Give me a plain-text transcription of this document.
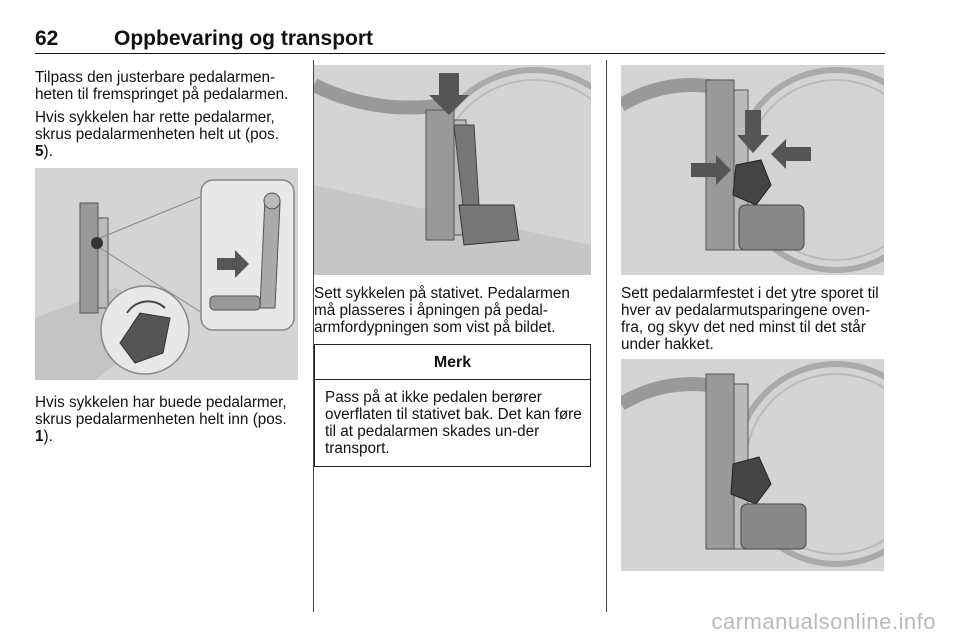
62	Oppbevaring og transport

Tilpass den justerbare pedalarmen-heten til fremspringet på pedalarmen.

Hvis sykkelen har rette pedalarmer, skrus pedalarmenheten helt ut (pos. 5).

Hvis sykkelen har buede pedalarmer, skrus pedalarmenheten helt inn (pos. 1).

Sett sykkelen på stativet. Pedalarmen må plasseres i åpningen på pedal-armfordypningen som vist på bildet.

Merk
Pass på at ikke pedalen berører overflaten til stativet bak. Det kan føre til at pedalarmen skades un-der transport.

Sett pedalarmfestet i det ytre sporet til hver av pedalarmutsparingene oven-fra, og skyv det ned minst til det står under hakket.

carmanualsonline.info
